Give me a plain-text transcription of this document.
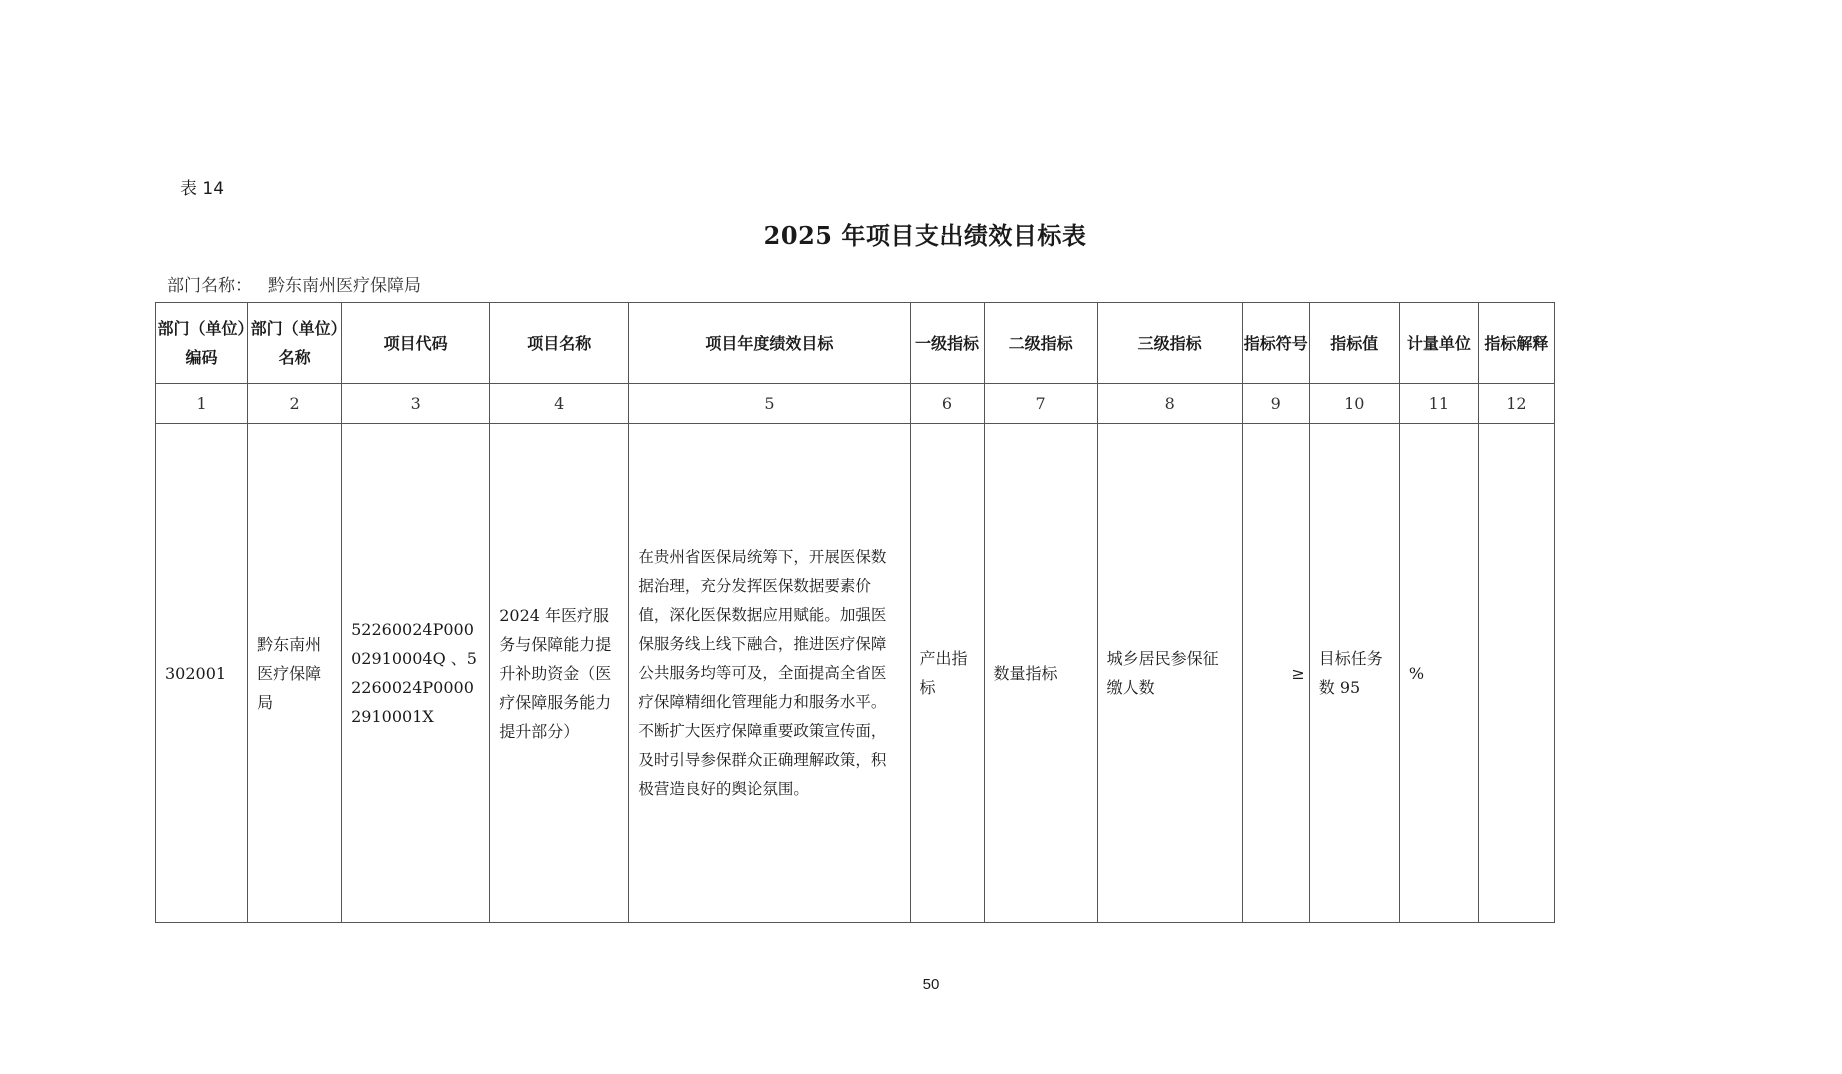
表 14
2025 年项目支出绩效目标表
部门名称： 黔东南州医疗保障局
部门（单位）编码	部门（单位）名称	项目代码	项目名称	项目年度绩效目标	一级指标	二级指标	三级指标	指标符号	指标值	计量单位	指标解释
1	2	3	4	5	6	7	8	9	10	11	12
302001	黔东南州医疗保障局	52260024P00002910004Q 、52260024P00002910001X	2024 年医疗服务与保障能力提升补助资金（医疗保障服务能力提升部分）	在贵州省医保局统筹下，开展医保数据治理，充分发挥医保数据要素价值，深化医保数据应用赋能。加强医保服务线上线下融合，推进医疗保障公共服务均等可及，全面提高全省医疗保障精细化管理能力和服务水平。不断扩大医疗保障重要政策宣传面，及时引导参保群众正确理解政策，积极营造良好的舆论氛围。	产出指标	数量指标	城乡居民参保征缴人数	≥	目标任务数 95	%	
50
